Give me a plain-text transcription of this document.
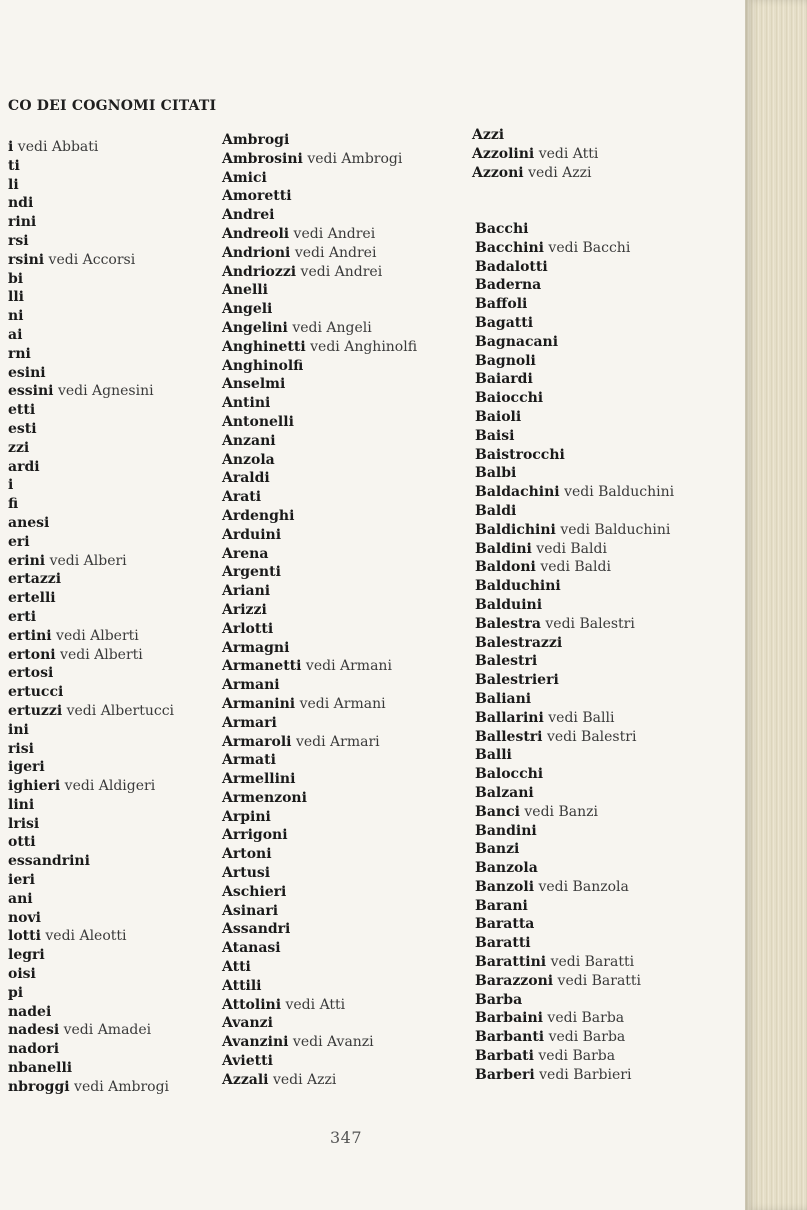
CO DEI COGNOMI CITATI
i vedi Abbati
ti
li
ndi
rini
rsi
rsini vedi Accorsi
bi
lli
ni
ai
rni
esini
essini vedi Agnesini
etti
esti
zzi
ardi
i
fi
anesi
eri
erini vedi Alberi
ertazzi
ertelli
erti
ertini vedi Alberti
ertoni vedi Alberti
ertosi
ertucci
ertuzzi vedi Albertucci
ini
risi
igeri
ighieri vedi Aldigeri
lini
lrisi
otti
essandrini
ieri
ani
novi
lotti vedi Aleotti
legri
oisi
pi
nadei
nadesi vedi Amadei
nadori
nbanelli
nbroggi vedi Ambrogi
Ambrogi
Ambrosini vedi Ambrogi
Amici
Amoretti
Andrei
Andreoli vedi Andrei
Andrioni vedi Andrei
Andriozzi vedi Andrei
Anelli
Angeli
Angelini vedi Angeli
Anghinetti vedi Anghinolfi
Anghinolfi
Anselmi
Antini
Antonelli
Anzani
Anzola
Araldi
Arati
Ardenghi
Arduini
Arena
Argenti
Ariani
Arizzi
Arlotti
Armagni
Armanetti vedi Armani
Armani
Armanini vedi Armani
Armari
Armaroli vedi Armari
Armati
Armellini
Armenzoni
Arpini
Arrigoni
Artoni
Artusi
Aschieri
Asinari
Assandri
Atanasi
Atti
Attili
Attolini vedi Atti
Avanzi
Avanzini vedi Avanzi
Avietti
Azzali vedi Azzi
Azzi
Azzolini vedi Atti
Azzoni vedi Azzi
Bacchi
Bacchini vedi Bacchi
Badalotti
Baderna
Baffoli
Bagatti
Bagnacani
Bagnoli
Baiardi
Baiocchi
Baioli
Baisi
Baistrocchi
Balbi
Baldachini vedi Balduchini
Baldi
Baldichini vedi Balduchini
Baldini vedi Baldi
Baldoni vedi Baldi
Balduchini
Balduini
Balestra vedi Balestri
Balestrazzi
Balestri
Balestrieri
Baliani
Ballarini vedi Balli
Ballestri vedi Balestri
Balli
Balocchi
Balzani
Banci vedi Banzi
Bandini
Banzi
Banzola
Banzoli vedi Banzola
Barani
Baratta
Baratti
Barattini vedi Baratti
Barazzoni vedi Baratti
Barba
Barbaini vedi Barba
Barbanti vedi Barba
Barbati vedi Barba
Barberi vedi Barbieri
347
